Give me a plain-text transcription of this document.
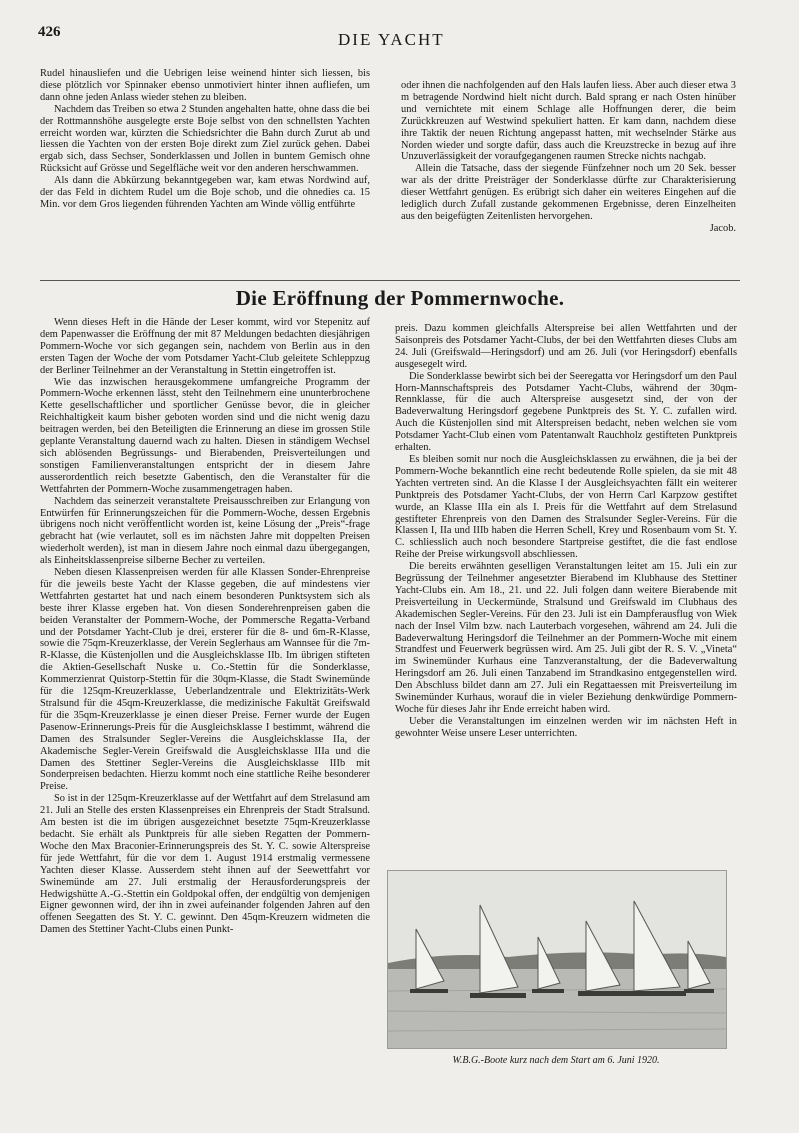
426	DIE YACHT

Rudel hinausliefen und die Uebrigen leise weinend hinter sich liessen, bis diese plötzlich vor Spinnaker ebenso unmotiviert hinter ihnen aufliefen, um dann ohne jeden Anlass wieder stehen zu bleiben.

Nachdem das Treiben so etwa 2 Stunden angehalten hatte, ohne dass die bei der Rottmannshöhe ausgelegte erste Boje selbst von den schnellsten Yachten erreicht worden war, kürzten die Schiedsrichter die Bahn durch Zurut ab und liessen die Yachten von der ersten Boje direkt zum Ziel zurück gehen. Dabei ergab sich, dass Sechser, Sonderklassen und Jollen in buntem Gemisch ohne Rücksicht auf Grösse und Segelfläche weit vor den anderen herschwammen.

Als dann die Abkürzung bekanntgegeben war, kam etwas Nordwind auf, der das Feld in dichtem Rudel um die Boje schob, und die ohnedies ca. 15 Min. vor dem Gros liegenden führenden Yachten am Winde völlig entführte

oder ihnen die nachfolgenden auf den Hals laufen liess. Aber auch dieser etwa 3 m betragende Nordwind hielt nicht durch. Bald sprang er nach Osten hinüber und vernichtete mit einem Schlage alle Hoffnungen derer, die beim Zurückkreuzen auf Westwind spekuliert hatten. Er kam dann, nachdem diese ihre Taktik der neuen Richtung angepasst hatten, mit wechselnder Stärke aus Norden wieder und sorgte dafür, dass auch die Kreuzstrecke in bezug auf ihre Unzuverlässigkeit der voraufgegangenen raumen Strecke nichts nachgab.

Allein die Tatsache, dass der siegende Fünfzehner noch um 20 Sek. besser war als der dritte Preisträger der Sonderklasse dürfte zur Charakterisierung dieser Wettfahrt genügen. Es erübrigt sich daher ein weiteres Eingehen auf die lediglich durch Zufall zustande gekommenen Ergebnisse, deren Einzelheiten aus den beigefügten Zeitenlisten hervorgehen.

Jacob.

Die Eröffnung der Pommernwoche.

Wenn dieses Heft in die Hände der Leser kommt, wird vor Stepenitz auf dem Papenwasser die Eröffnung der mit 87 Meldungen bedachten diesjährigen Pommern-Woche vor sich gegangen sein, nachdem von Berlin aus in den ersten Tagen der Woche der vom Potsdamer Yacht-Club geleitete Schleppzug der Berliner Teilnehmer an der Veranstaltung in Stettin eingetroffen ist.

Wie das inzwischen herausgekommene umfangreiche Programm der Pommern-Woche erkennen lässt, steht den Teilnehmern eine ununterbrochene Kette gesellschaftlicher und sportlicher Genüsse bevor, die in gleicher Reichhaltigkeit kaum bisher geboten worden sind und die nicht wenig dazu beitragen werden, bei den Beteiligten die Erinnerung an diese im grossen Stile geplante Veranstaltung dauernd wach zu halten. Diesen in ständigem Wechsel sich ablösenden Begrüssungs- und Bierabenden, Preisverteilungen und sonstigen Familienveranstaltungen entspricht der in diesem Jahre ausserordentlich reich besetzte Gabentisch, den die Veranstalter für die Wettfahrten der Pommern-Woche zusammengetragen haben.

Nachdem das seinerzeit veranstaltete Preisausschreiben zur Erlangung von Entwürfen für Erinnerungszeichen für die Pommern-Woche, dessen Ergebnis übrigens noch nicht veröffentlicht worden ist, keine Lösung der „Preis“-frage gebracht hat (wie verlautet, soll es im nächsten Jahre mit doppelten Preisen wiederholt werden), ist man in diesem Jahre noch einmal dazu übergegangen, als Einheitsklassenpreise silberne Becher zu verteilen.

Neben diesen Klassenpreisen werden für alle Klassen Sonder-Ehrenpreise für die jeweils beste Yacht der Klasse gegeben, die auf mindestens vier Wettfahrten gestartet hat und nach einem besonderen Punktsystem sich als beste ihrer Klasse ergeben hat. Von diesen Sonderehrenpreisen gaben die beiden Veranstalter der Pommern-Woche, der Pommersche Regatta-Verband und der Potsdamer Yacht-Club je drei, ersterer für die 8- und 6m-R-Klasse, sowie die 75qm-Kreuzerklasse, der Verein Seglerhaus am Wannsee für die 7m-R-Klasse, die Küstenjollen und die Ausgleichsklasse IIb. Im übrigen stifteten die Aktien-Gesellschaft Nuske u. Co.-Stettin für die Sonderklasse, Kommerzienrat Quistorp-Stettin für die 30qm-Klasse, die Stadt Swinemünde für die 125qm-Kreuzerklasse, Ueberlandzentrale und Elektrizitäts-Werk Stralsund für die 45qm-Kreuzerklasse, die medizinische Fakultät Greifswald für die 35qm-Kreuzerklasse je einen dieser Preise. Ferner wurde der Eugen Pasenow-Erinnerungs-Preis für die Ausgleichsklasse I bestimmt, während die Damen des Stralsunder Segler-Vereins die Ausgleichsklasse IIa, der Akademische Segler-Verein Greifswald die Ausgleichsklasse IIIa und die Damen des Stettiner Segler-Vereins die Ausgleichsklasse IIIb mit Sonderpreisen bedachten. Hierzu kommt noch eine stattliche Reihe besonderer Preise.

So ist in der 125qm-Kreuzerklasse auf der Wettfahrt auf dem Strelasund am 21. Juli an Stelle des ersten Klassenpreises ein Ehrenpreis der Stadt Stralsund. Am besten ist die im übrigen ausgezeichnet besetzte 75qm-Kreuzerklasse bedacht. Sie erhält als Punktpreis für alle sieben Regatten der Pommern-Woche den Max Braconier-Erinnerungspreis des St. Y. C. sowie Alterspreise für jede Wettfahrt, für die vor dem 1. August 1914 erstmalig vermessene Yachten dieser Klasse. Ausserdem steht ihnen auf der Seewettfahrt vor Swinemünde am 27. Juli erstmalig der Herausforderungspreis der Hedwigshütte A.-G.-Stettin ein Goldpokal offen, der endgültig von demjenigen Eigner gewonnen wird, der ihn in zwei aufeinander folgenden Jahren auf den offenen Seegatten des St. Y. C. gewinnt. Den 45qm-Kreuzern widmeten die Damen des Stettiner Yacht-Clubs einen Punkt-

preis. Dazu kommen gleichfalls Alterspreise bei allen Wettfahrten und der Saisonpreis des Potsdamer Yacht-Clubs, der bei den Wettfahrten dieses Clubs am 24. Juli (Greifswald—Heringsdorf) und am 26. Juli (vor Heringsdorf) ebenfalls ausgesegelt wird.

Die Sonderklasse bewirbt sich bei der Seeregatta vor Heringsdorf um den Paul Horn-Mannschaftspreis des Potsdamer Yacht-Clubs, während der 30qm-Rennklasse, für die auch Alterspreise ausgesetzt sind, der von der Badeverwaltung Heringsdorf gegebene Punktpreis des St. Y. C. zufallen wird. Auch die Küstenjollen sind mit Alterspreisen bedacht, neben welchen sie vom Potsdamer Yacht-Club einen vom Patentanwalt Rauchholz gestifteten Punktpreis erhalten.

Es bleiben somit nur noch die Ausgleichsklassen zu erwähnen, die ja bei der Pommern-Woche bekanntlich eine recht bedeutende Rolle spielen, da sie mit 48 Yachten vertreten sind. An die Klasse I der Ausgleichsyachten fällt ein weiterer Punktpreis des Potsdamer Yacht-Clubs, der von Herrn Carl Karpzow gestiftet wurde, an Klasse IIIa ein als I. Preis für die Wettfahrt auf dem Strelasund gestifteter Ehrenpreis von den Damen des Stralsunder Segler-Vereins. Für die Klassen I, IIa und IIIb haben die Herren Schell, Krey und Rosenbaum vom St. Y. C. schliesslich auch noch besondere Startpreise gestiftet, die die fast endlose Reihe der Preise wirkungsvoll abschliessen.

Die bereits erwähnten geselligen Veranstaltungen leitet am 15. Juli ein zur Begrüssung der Teilnehmer angesetzter Bierabend im Klubhause des Stettiner Yacht-Clubs ein. Am 18., 21. und 22. Juli folgen dann weitere Bierabende mit Preisverteilung in Ueckermünde, Stralsund und Greifswald im Clubhaus des Akademischen Segler-Vereins. Für den 23. Juli ist ein Dampferausflug von Wiek nach der Insel Vilm bzw. nach Lauterbach vorgesehen, während am 24. Juli die Badeverwaltung Heringsdorf die Teilnehmer an der Pommern-Woche mit einem Strandfest und Feuerwerk begrüssen wird. Am 25. Juli gibt der R. S. V. „Vineta“ im Swinemünder Kurhaus eine Tanzveranstaltung, der die Badeverwaltung Heringsdorf am 26. Juli einen Tanzabend im Strandkasino entgegenstellen wird. Den Abschluss bildet dann am 27. Juli ein Regattaessen mit Preisverteilung im Swinemünder Kurhaus, worauf die in vieler Beziehung denkwürdige Pommern-Woche für dieses Jahr ihr Ende erreicht haben wird.

Ueber die Veranstaltungen im einzelnen werden wir im nächsten Heft in gewohnter Weise unsere Leser unterrichten.

W.B.G.-Boote kurz nach dem Start am 6. Juni 1920.
